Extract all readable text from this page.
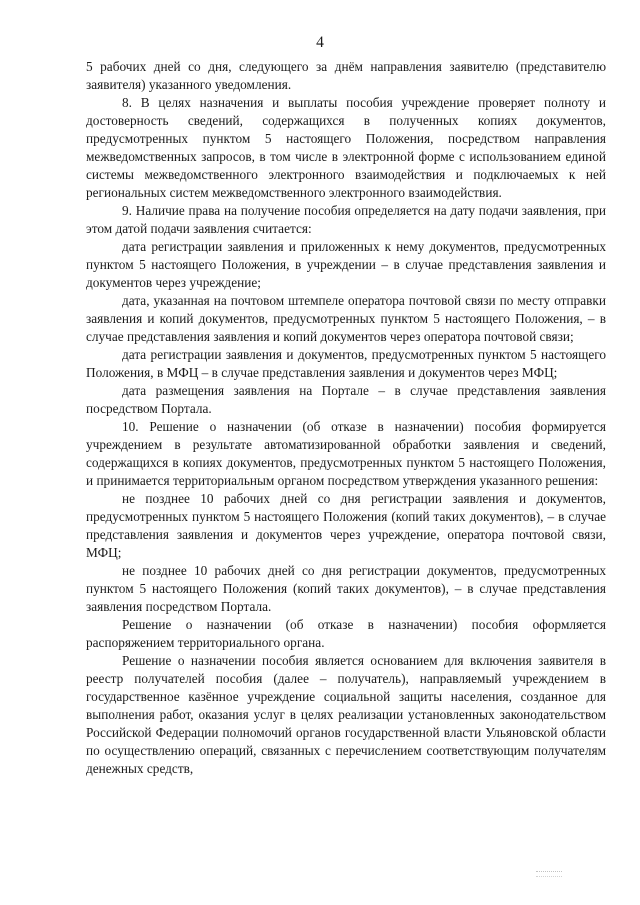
4

5 рабочих дней со дня, следующего за днём направления заявителю (представителю заявителя) указанного уведомления.

8. В целях назначения и выплаты пособия учреждение проверяет полноту и достоверность сведений, содержащихся в полученных копиях документов, предусмотренных пунктом 5 настоящего Положения, посредством направления межведомственных запросов, в том числе в электронной форме с использованием единой системы межведомственного электронного взаимодействия и подключаемых к ней региональных систем межведомственного электронного взаимодействия.

9. Наличие права на получение пособия определяется на дату подачи заявления, при этом датой подачи заявления считается:

дата регистрации заявления и приложенных к нему документов, предусмотренных пунктом 5 настоящего Положения, в учреждении – в случае представления заявления и документов через учреждение;

дата, указанная на почтовом штемпеле оператора почтовой связи по месту отправки заявления и копий документов, предусмотренных пунктом 5 настоящего Положения, – в случае представления заявления и копий документов через оператора почтовой связи;

дата регистрации заявления и документов, предусмотренных пунктом 5 настоящего Положения, в МФЦ – в случае представления заявления и документов через МФЦ;

дата размещения заявления на Портале – в случае представления заявления посредством Портала.

10. Решение о назначении (об отказе в назначении) пособия формируется учреждением в результате автоматизированной обработки заявления и сведений, содержащихся в копиях документов, предусмотренных пунктом 5 настоящего Положения, и принимается территориальным органом посредством утверждения указанного решения:

не позднее 10 рабочих дней со дня регистрации заявления и документов, предусмотренных пунктом 5 настоящего Положения (копий таких документов), – в случае представления заявления и документов через учреждение, оператора почтовой связи, МФЦ;

не позднее 10 рабочих дней со дня регистрации документов, предусмотренных пунктом 5 настоящего Положения (копий таких документов), – в случае представления заявления посредством Портала.

Решение о назначении (об отказе в назначении) пособия оформляется распоряжением территориального органа.

Решение о назначении пособия является основанием для включения заявителя в реестр получателей пособия (далее – получатель), направляемый учреждением в государственное казённое учреждение социальной защиты населения, созданное для выполнения работ, оказания услуг в целях реализации установленных законодательством Российской Федерации полномочий органов государственной власти Ульяновской области по осуществлению операций, связанных с перечислением соответствующим получателям денежных средств,
